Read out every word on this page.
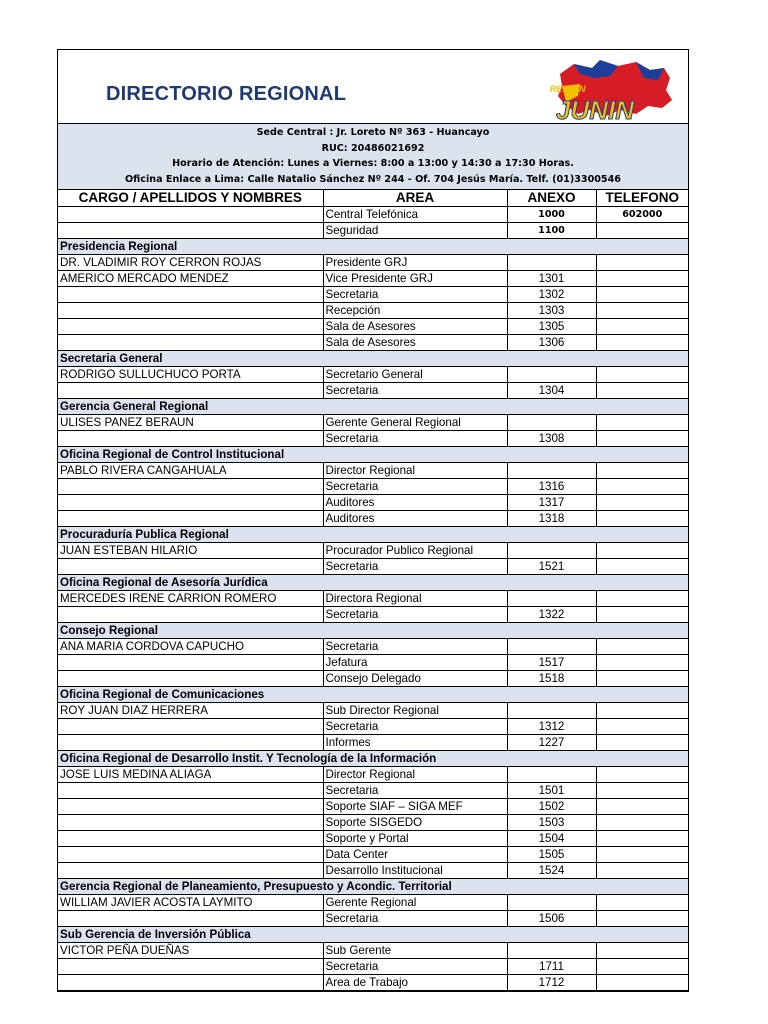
DIRECTORIO REGIONAL	REGION
JUNIN
Sede Central : Jr. Loreto Nº 363 - Huancayo
RUC: 20486021692
Horario de Atención: Lunes a Viernes: 8:00 a 13:00 y 14:30 a 17:30 Horas.
Oficina Enlace a Lima: Calle Natalio Sánchez Nº 244 - Of. 704 Jesús María. Telf. (01)3300546
CARGO / APELLIDOS Y NOMBRES	AREA	ANEXO	TELEFONO
	Central Telefónica	1000	602000
	Seguridad	1100	
Presidencia Regional			
DR. VLADIMIR ROY CERRON ROJAS	Presidente GRJ		
AMERICO MERCADO MENDEZ	Vice Presidente GRJ	1301	
	Secretaria	1302	
	Recepción	1303	
	Sala de Asesores	1305	
	Sala de Asesores	1306	
Secretaria General			
RODRIGO SULLUCHUCO PORTA	Secretario General		
	Secretaria	1304	
Gerencia General Regional			
ULISES PANEZ BERAUN	Gerente General Regional		
	Secretaria	1308	
Oficina Regional de Control Institucional			
PABLO RIVERA CANGAHUALA	Director Regional		
	Secretaria	1316	
	Auditores	1317	
	Auditores	1318	
Procuraduría Publica Regional			
JUAN ESTEBAN HILARIO	Procurador Publico Regional		
	Secretaria	1521	
Oficina Regional de Asesoría Jurídica			
MERCEDES IRENE CARRION ROMERO	Directora Regional		
	Secretaria	1322	
Consejo Regional			
ANA MARIA CORDOVA CAPUCHO	Secretaria		
	Jefatura	1517	
	Consejo Delegado	1518	
Oficina Regional de Comunicaciones			
ROY JUAN DIAZ HERRERA	Sub Director Regional		
	Secretaria	1312	
	Informes	1227	
Oficina Regional de Desarrollo Instit. Y Tecnología de la Información			
JOSE LUIS MEDINA ALIAGA	Director Regional		
	Secretaria	1501	
	Soporte SIAF – SIGA MEF	1502	
	Soporte SISGEDO	1503	
	Soporte y Portal	1504	
	Data Center	1505	
	Desarrollo Institucional	1524	
Gerencia Regional de Planeamiento, Presupuesto y Acondic. Territorial			
WILLIAM JAVIER ACOSTA LAYMITO	Gerente Regional		
	Secretaria	1506	
Sub Gerencia de Inversión Pública			
VICTOR PEÑA DUEÑAS	Sub Gerente		
	Secretaria	1711	
	Area de Trabajo	1712	
